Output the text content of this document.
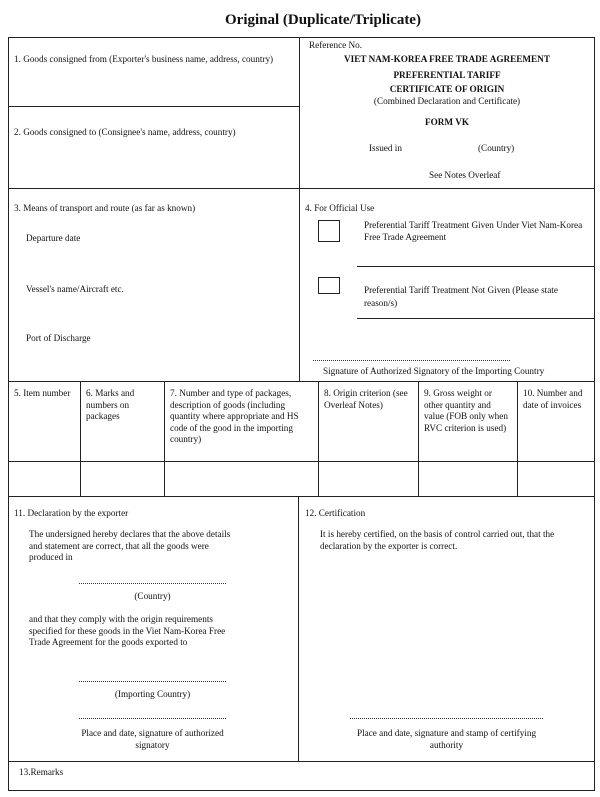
Original (Duplicate/Triplicate)
1. Goods consigned from (Exporter's business name, address, country)
2. Goods consigned to (Consignee's name, address, country)
Reference No.
VIET NAM-KOREA FREE TRADE AGREEMENT
PREFERENTIAL TARIFF
CERTIFICATE OF ORIGIN
(Combined Declaration and Certificate)
FORM VK
Issued in	(Country)
See Notes Overleaf
3. Means of transport and route (as far as known)
Departure date
Vessel's name/Aircraft etc.
Port of Discharge
4. For Official Use
Preferential Tariff Treatment Given Under Viet Nam-Korea Free Trade Agreement
Preferential Tariff Treatment Not Given (Please state reason/s)
Signature of Authorized Signatory of the Importing Country
5. Item number	6. Marks and numbers on packages
7. Number and type of packages, description of goods (including quantity where appropriate and HS code of the good in the importing country)
8. Origin criterion (see Overleaf Notes)
9. Gross weight or other quantity and value (FOB only when RVC criterion is used)
10. Number and date of invoices
11. Declaration by the exporter
The undersigned hereby declares that the above details and statement are correct, that all the goods were produced in
(Country)
and that they comply with the origin requirements specified for these goods in the Viet Nam-Korea Free Trade Agreement for the goods exported to
(Importing Country)
Place and date, signature of authorized signatory
12. Certification
It is hereby certified, on the basis of control carried out, that the declaration by the exporter is correct.
Place and date, signature and stamp of certifying authority
13.Remarks
